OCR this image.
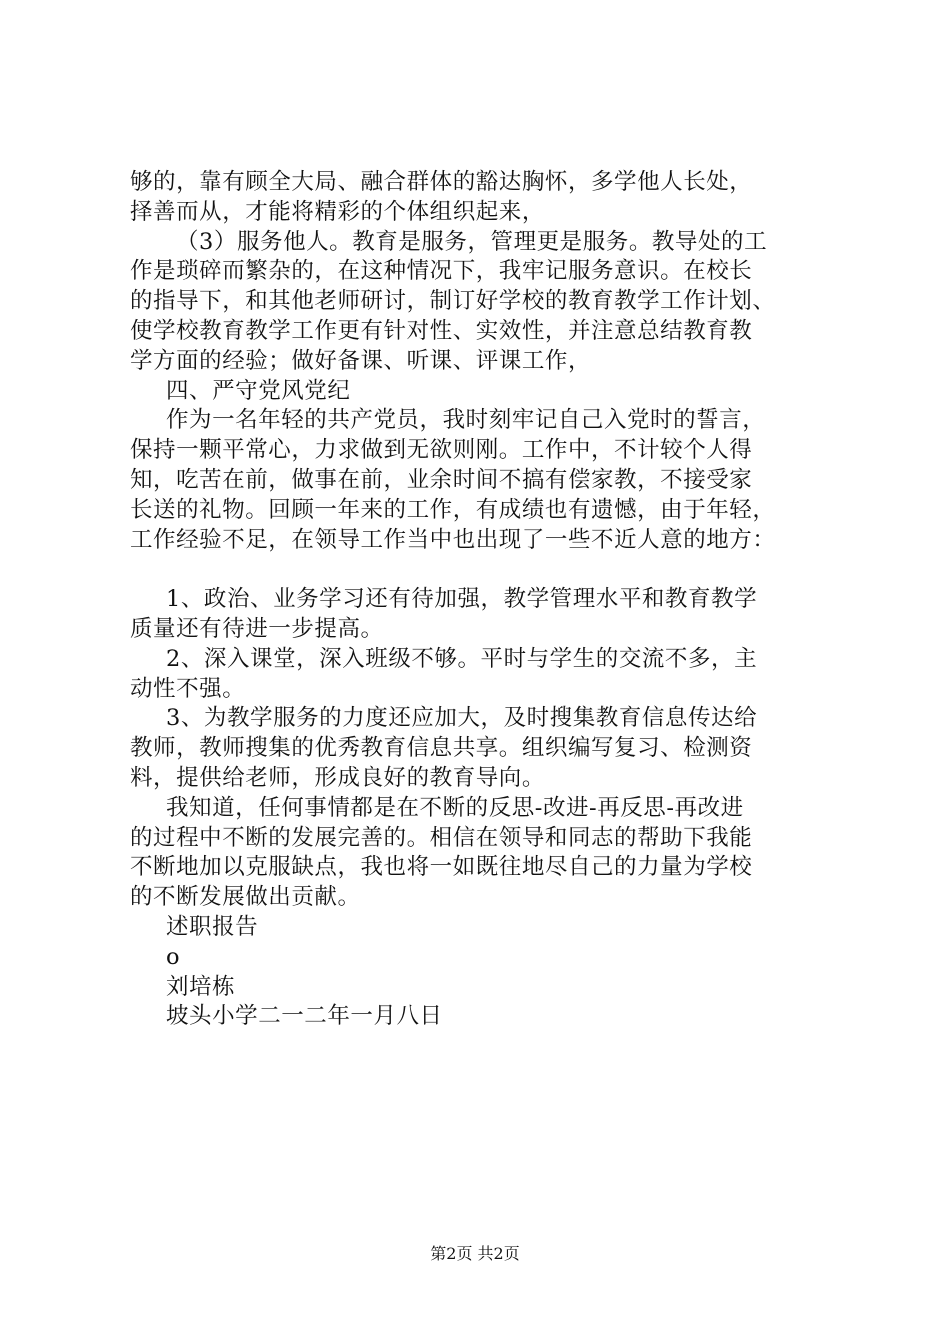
够的，靠有顾全大局、融合群体的豁达胸怀，多学他人长处，
择善而从，才能将精彩的个体组织起来，
（3）服务他人。教育是服务，管理更是服务。教导处的工
作是琐碎而繁杂的，在这种情况下，我牢记服务意识。在校长
的指导下，和其他老师研讨，制订好学校的教育教学工作计划、
使学校教育教学工作更有针对性、实效性，并注意总结教育教
学方面的经验；做好备课、听课、评课工作，
四、严守党风党纪
作为一名年轻的共产党员，我时刻牢记自己入党时的誓言，
保持一颗平常心，力求做到无欲则刚。工作中，不计较个人得
知，吃苦在前，做事在前，业余时间不搞有偿家教，不接受家
长送的礼物。回顾一年来的工作，有成绩也有遗憾，由于年轻，
工作经验不足，在领导工作当中也出现了一些不近人意的地方：
1、政治、业务学习还有待加强，教学管理水平和教育教学
质量还有待进一步提高。
2、深入课堂，深入班级不够。平时与学生的交流不多，主
动性不强。
3、为教学服务的力度还应加大，及时搜集教育信息传达给
教师，教师搜集的优秀教育信息共享。组织编写复习、检测资
料，提供给老师，形成良好的教育导向。
我知道，任何事情都是在不断的反思-改进-再反思-再改进
的过程中不断的发展完善的。相信在领导和同志的帮助下我能
不断地加以克服缺点，我也将一如既往地尽自己的力量为学校
的不断发展做出贡献。
述职报告
o
刘培栋
坡头小学二一二年一月八日
第2页 共2页
